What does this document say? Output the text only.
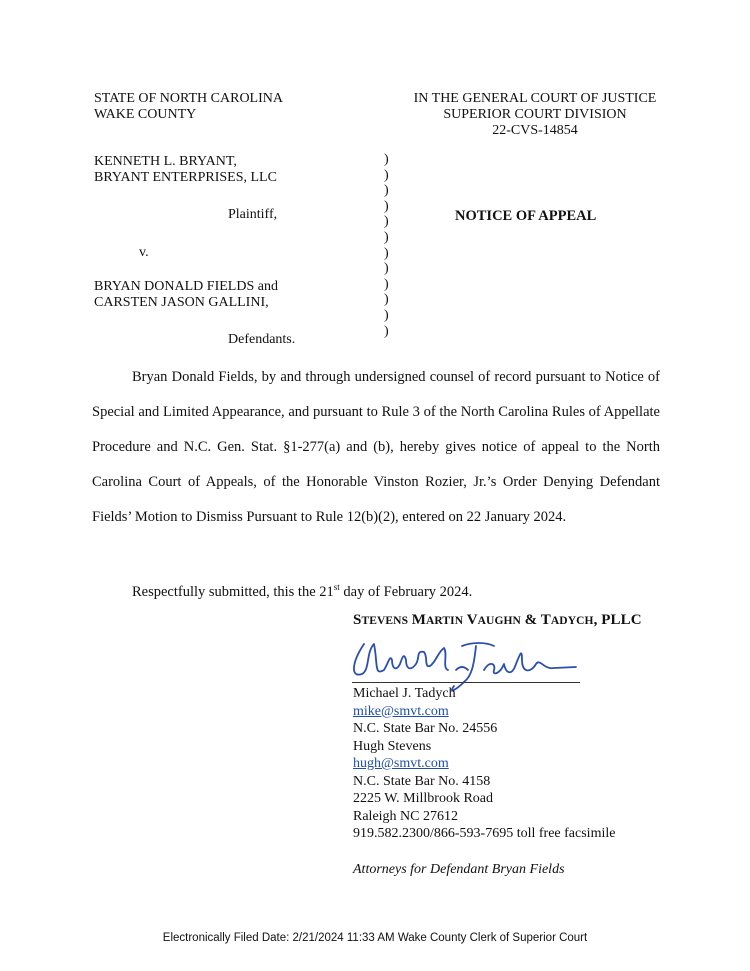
STATE OF NORTH CAROLINA
WAKE COUNTY
IN THE GENERAL COURT OF JUSTICE
SUPERIOR COURT DIVISION
22-CVS-14854
KENNETH L. BRYANT,
BRYANT ENTERPRISES, LLC
Plaintiff,
v.
BRYAN DONALD FIELDS and
CARSTEN JASON GALLINI,
Defendants.
)
)
)
)
)
)
)
)
)
)
)
)
NOTICE OF APPEAL
Bryan Donald Fields, by and through undersigned counsel of record pursuant to Notice of Special and Limited Appearance, and pursuant to Rule 3 of the North Carolina Rules of Appellate Procedure and N.C. Gen. Stat. §1-277(a) and (b), hereby gives notice of appeal to the North Carolina Court of Appeals, of the Honorable Vinston Rozier, Jr.’s Order Denying Defendant Fields’ Motion to Dismiss Pursuant to Rule 12(b)(2), entered on 22 January 2024.
Respectfully submitted, this the 21st day of February 2024.
STEVENS MARTIN VAUGHN & TADYCH, PLLC
Michael J. Tadych
mike@smvt.com
N.C. State Bar No. 24556
Hugh Stevens
hugh@smvt.com
N.C. State Bar No. 4158
2225 W. Millbrook Road
Raleigh NC 27612
919.582.2300/866-593-7695 toll free facsimile
Attorneys for Defendant Bryan Fields
Electronically Filed Date: 2/21/2024 11:33 AM Wake County Clerk of Superior Court
